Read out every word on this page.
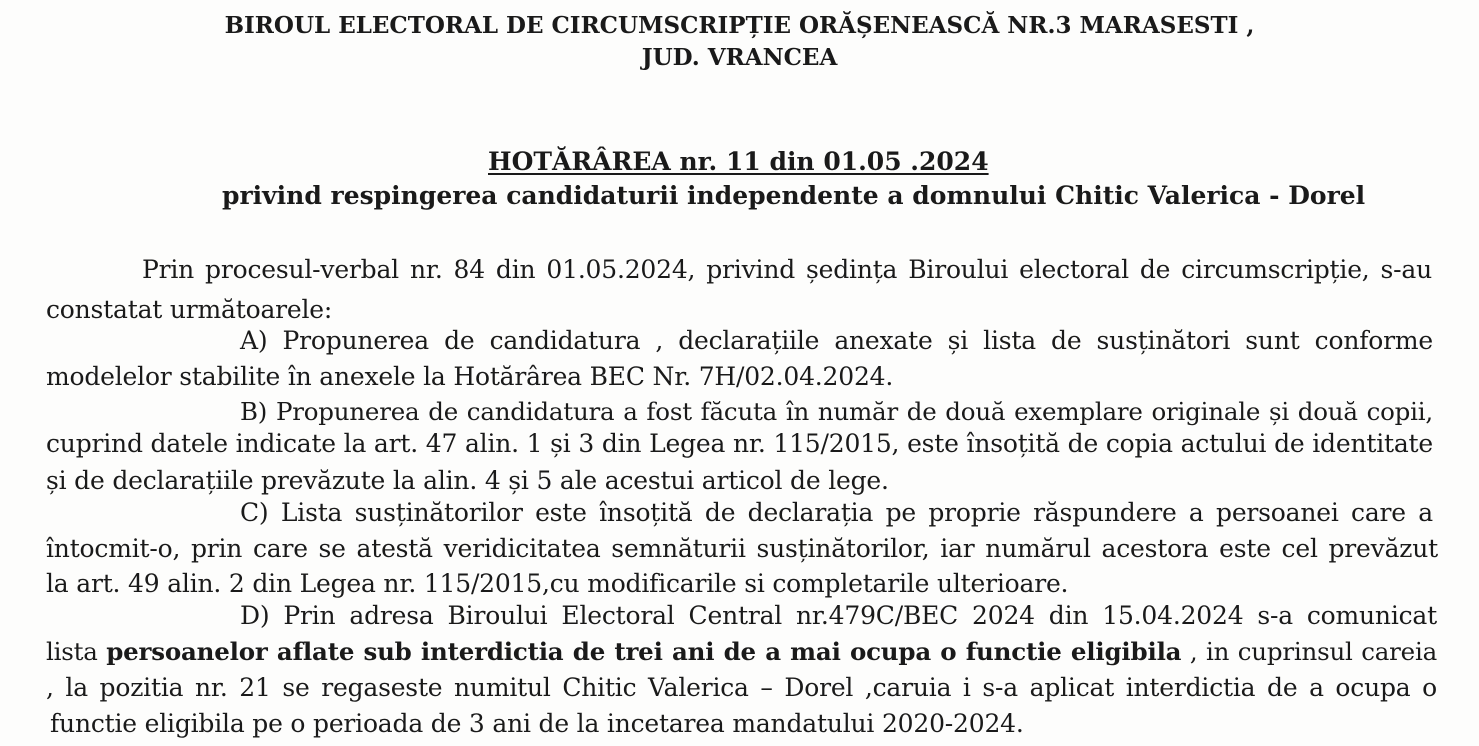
BIROUL ELECTORAL DE CIRCUMSCRIPȚIE ORĂȘENEASCĂ NR.3 MARASESTI ,
JUD. VRANCEA
HOTĂRÂREA nr. 11 din 01.05 .2024
privind respingerea candidaturii independente a domnului Chitic Valerica - Dorel
Prin procesul-verbal nr. 84 din 01.05.2024, privind ședința Biroului electoral de circumscripție, s-au
constatat următoarele:
A) Propunerea de candidatura , declarațiile anexate și lista de susținători sunt conforme
modelelor stabilite în anexele la Hotărârea BEC Nr. 7H/02.04.2024.
B) Propunerea de candidatura a fost făcuta în număr de două exemplare originale și două copii,
cuprind datele indicate la art. 47 alin. 1 și 3 din Legea nr. 115/2015, este însoțită de copia actului de identitate
și de declarațiile prevăzute la alin. 4 și 5 ale acestui articol de lege.
C) Lista susținătorilor este însoțită de declarația pe proprie răspundere a persoanei care a
întocmit-o, prin care se atestă veridicitatea semnăturii susținătorilor, iar numărul acestora este cel prevăzut
la art. 49 alin. 2 din Legea nr. 115/2015,cu modificarile si completarile ulterioare.
D) Prin adresa Biroului Electoral Central nr.479C/BEC 2024 din 15.04.2024 s-a comunicat
lista persoanelor aflate sub interdictia de trei ani de a mai ocupa o functie eligibila , in cuprinsul careia
, la pozitia nr. 21 se regaseste numitul Chitic Valerica – Dorel ,caruia i s-a aplicat interdictia de a ocupa o
functie eligibila pe o perioada de 3 ani de la incetarea mandatului 2020-2024.
